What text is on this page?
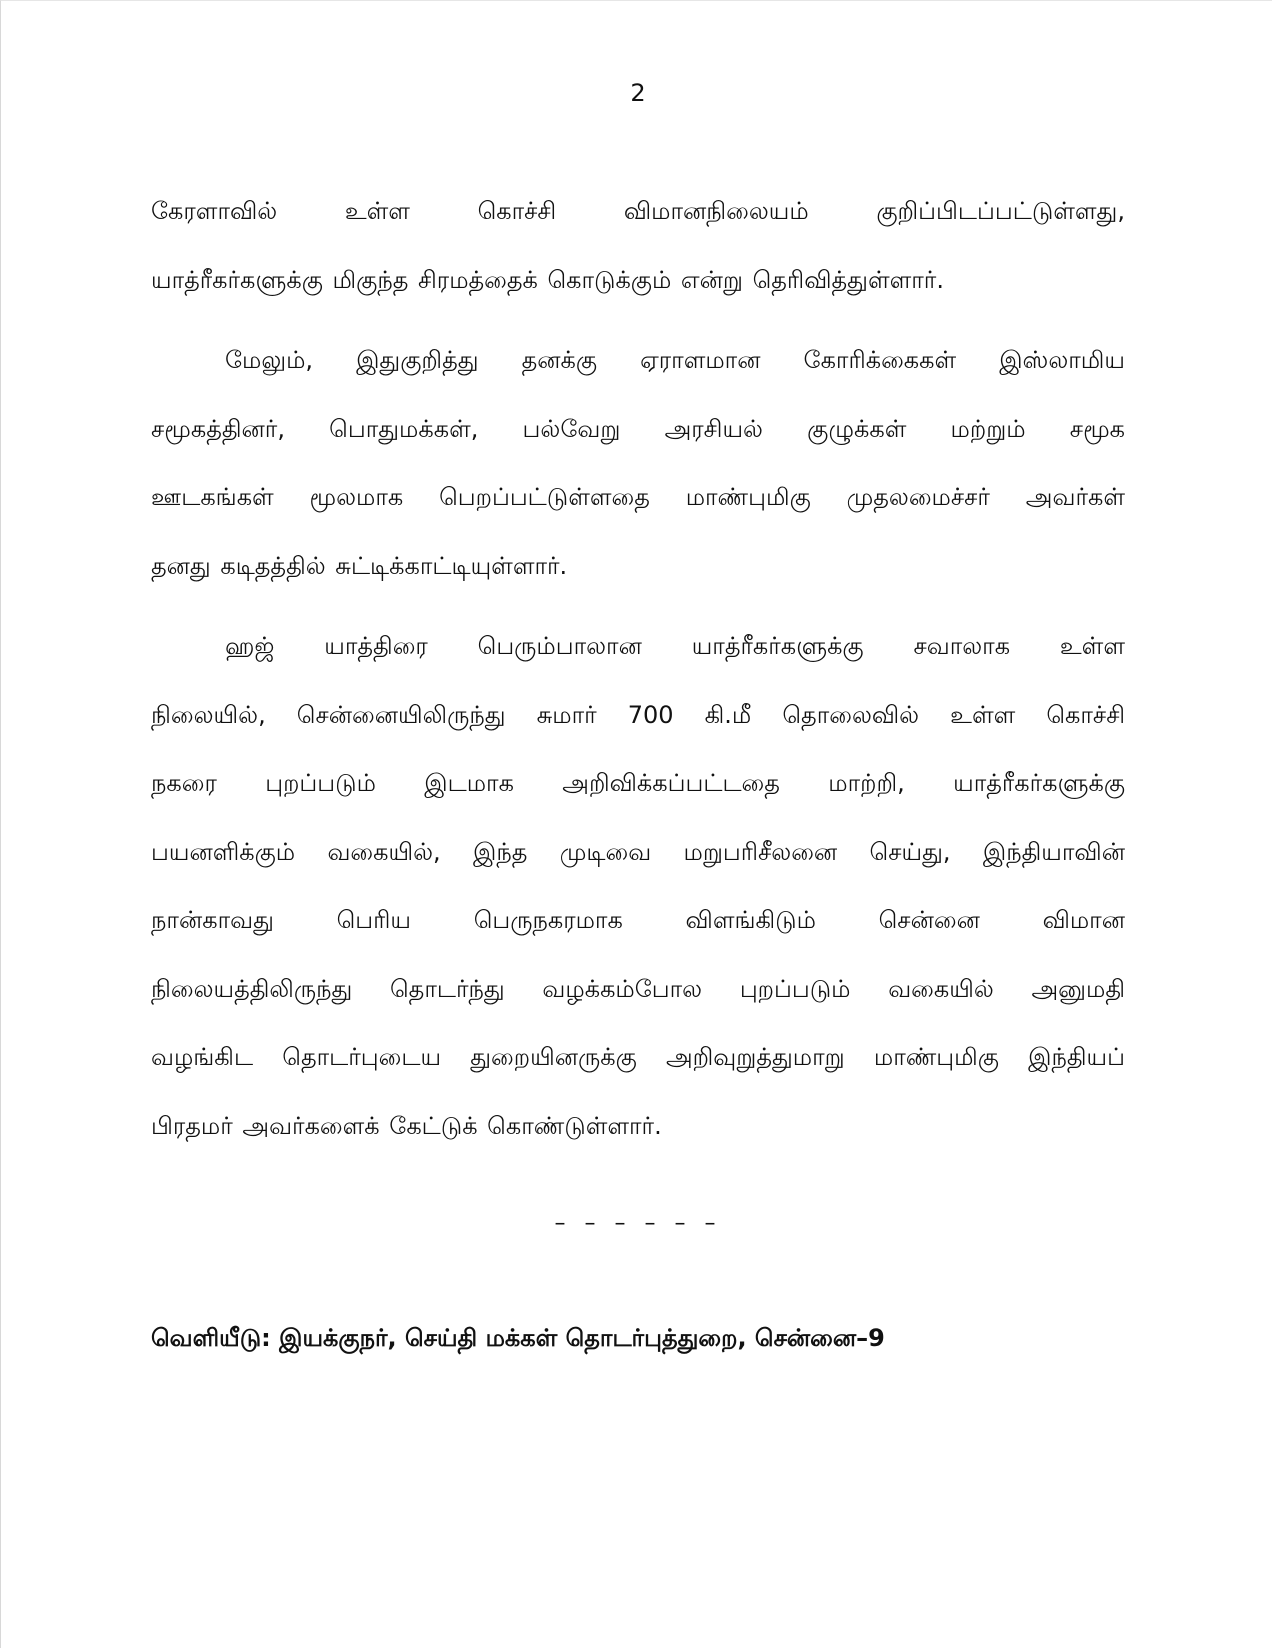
2

கேரளாவில் உள்ள கொச்சி விமானநிலையம் குறிப்பிடப்பட்டுள்ளது,
யாத்ரீகர்களுக்கு மிகுந்த சிரமத்தைக் கொடுக்கும் என்று தெரிவித்துள்ளார்.

மேலும், இதுகுறித்து தனக்கு ஏராளமான கோரிக்கைகள் இஸ்லாமிய
சமூகத்தினர், பொதுமக்கள், பல்வேறு அரசியல் குழுக்கள் மற்றும் சமூக
ஊடகங்கள் மூலமாக பெறப்பட்டுள்ளதை மாண்புமிகு முதலமைச்சர் அவர்கள்
தனது கடிதத்தில் சுட்டிக்காட்டியுள்ளார்.

ஹஜ் யாத்திரை பெரும்பாலான யாத்ரீகர்களுக்கு சவாலாக உள்ள
நிலையில், சென்னையிலிருந்து சுமார் 700 கி.மீ தொலைவில் உள்ள கொச்சி
நகரை புறப்படும் இடமாக அறிவிக்கப்பட்டதை மாற்றி, யாத்ரீகர்களுக்கு
பயனளிக்கும் வகையில், இந்த முடிவை மறுபரிசீலனை செய்து, இந்தியாவின்
நான்காவது பெரிய பெருநகரமாக விளங்கிடும் சென்னை விமான
நிலையத்திலிருந்து தொடர்ந்து வழக்கம்போல புறப்படும் வகையில் அனுமதி
வழங்கிட தொடர்புடைய துறையினருக்கு அறிவுறுத்துமாறு மாண்புமிகு இந்தியப்
பிரதமர் அவர்களைக் கேட்டுக் கொண்டுள்ளார்.

– – – – – –
வெளியீடு: இயக்குநர், செய்தி மக்கள் தொடர்புத்துறை, சென்னை–9
